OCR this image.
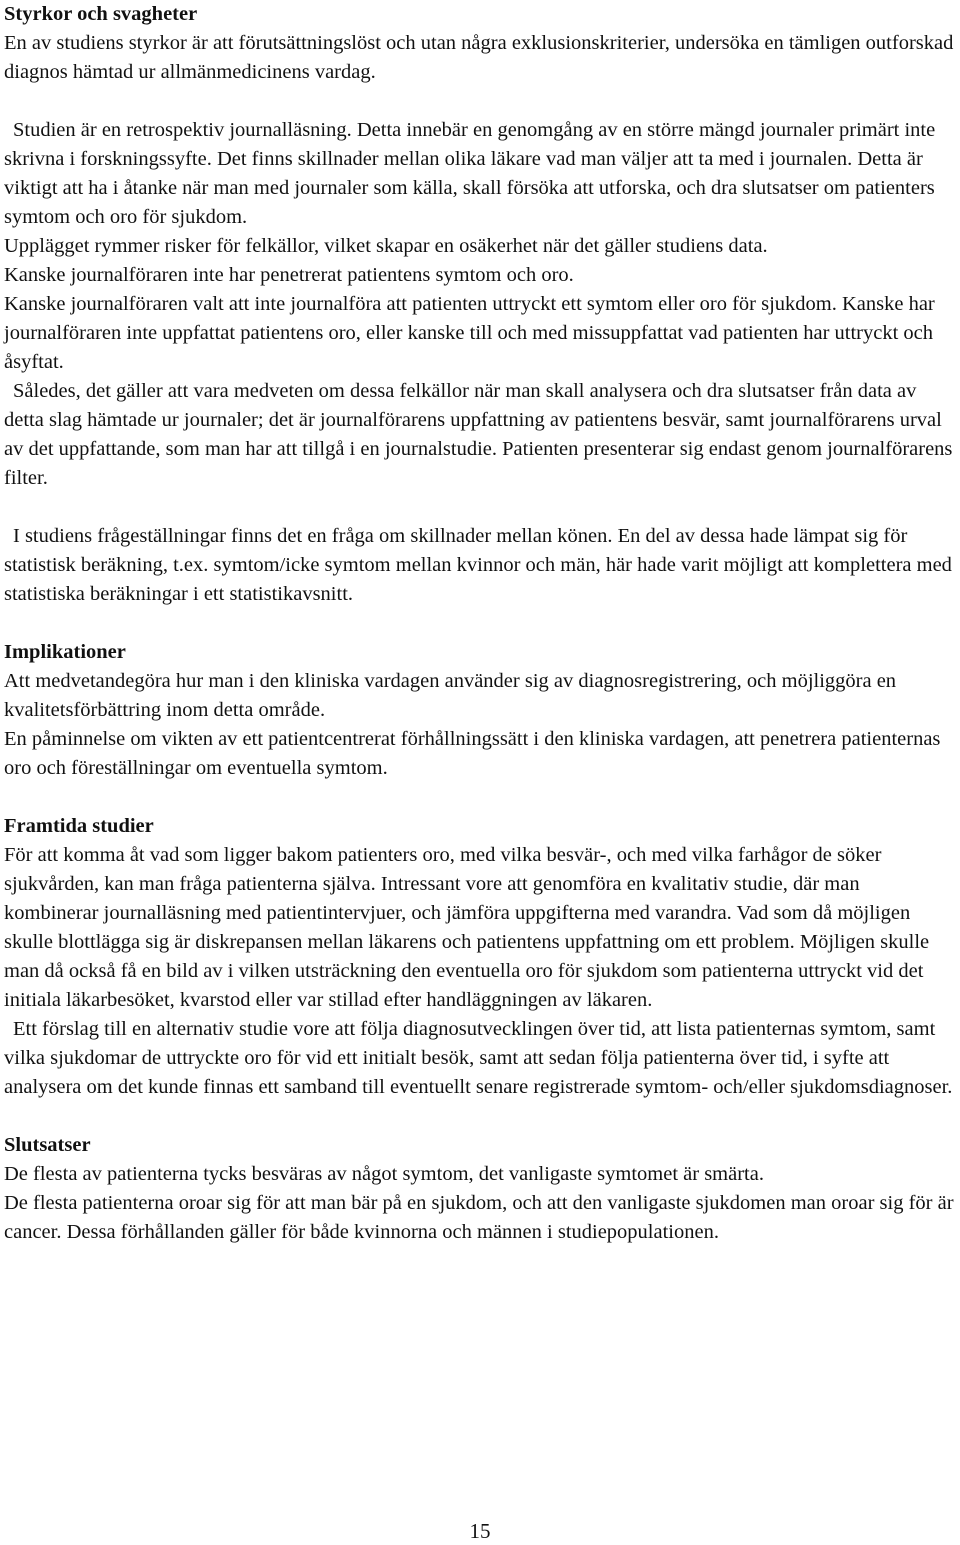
Styrkor och svagheter

En av studiens styrkor är att förutsättningslöst och utan några exklusionskriterier, undersöka en tämligen outforskad diagnos hämtad ur allmänmedicinens vardag.

Studien är en retrospektiv journalläsning. Detta innebär en genomgång av en större mängd journaler primärt inte skrivna i forskningssyfte. Det finns skillnader mellan olika läkare vad man väljer att ta med i journalen. Detta är viktigt att ha i åtanke när man med journaler som källa, skall försöka att utforska, och dra slutsatser om patienters symtom och oro för sjukdom.

Upplägget rymmer risker för felkällor, vilket skapar en osäkerhet när det gäller studiens data.

Kanske journalföraren inte har penetrerat patientens symtom och oro.

Kanske journalföraren valt att inte journalföra att patienten uttryckt ett symtom eller oro för sjukdom. Kanske har journalföraren inte uppfattat patientens oro, eller kanske till och med missuppfattat vad patienten har uttryckt och åsyftat.

Således, det gäller att vara medveten om dessa felkällor när man skall analysera och dra slutsatser från data av detta slag hämtade ur journaler; det är journalförarens uppfattning av patientens besvär, samt journalförarens urval av det uppfattande, som man har att tillgå i en journalstudie. Patienten presenterar sig endast genom journalförarens filter.

I studiens frågeställningar finns det en fråga om skillnader mellan könen. En del av dessa hade lämpat sig för statistisk beräkning, t.ex. symtom/icke symtom mellan kvinnor och män, här hade varit möjligt att komplettera med statistiska beräkningar i ett statistikavsnitt.

Implikationer

Att medvetandegöra hur man i den kliniska vardagen använder sig av diagnosregistrering, och möjliggöra en kvalitetsförbättring inom detta område.

En påminnelse om vikten av ett patientcentrerat förhållningssätt i den kliniska vardagen, att penetrera patienternas oro och föreställningar om eventuella symtom.

Framtida studier

För att komma åt vad som ligger bakom patienters oro, med vilka besvär-, och med vilka farhågor de söker sjukvården, kan man fråga patienterna själva. Intressant vore att genomföra en kvalitativ studie, där man kombinerar journalläsning med patientintervjuer, och jämföra uppgifterna med varandra. Vad som då möjligen skulle blottlägga sig är diskrepansen mellan läkarens och patientens uppfattning om ett problem. Möjligen skulle man då också få en bild av i vilken utsträckning den eventuella oro för sjukdom som patienterna uttryckt vid det initiala läkarbesöket, kvarstod eller var stillad efter handläggningen av läkaren.

Ett förslag till en alternativ studie vore att följa diagnosutvecklingen över tid, att lista patienternas symtom, samt vilka sjukdomar de uttryckte oro för vid ett initialt besök, samt att sedan följa patienterna över tid, i syfte att analysera om det kunde finnas ett samband till eventuellt senare registrerade symtom- och/eller sjukdomsdiagnoser.

Slutsatser

De flesta av patienterna tycks besväras av något symtom, det vanligaste symtomet är smärta.

De flesta patienterna oroar sig för att man bär på en sjukdom, och att den vanligaste sjukdomen man oroar sig för är cancer. Dessa förhållanden gäller för både kvinnorna och männen i studiepopulationen.

15
